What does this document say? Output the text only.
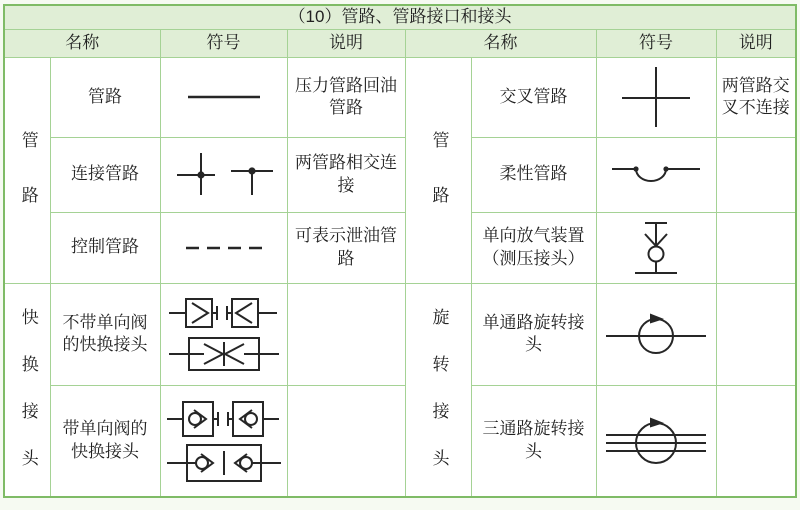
（10）管路、管路接口和接头							
名称		符号	说明	名称		符号	说明
管路	管路		压力管路回油管路	管路	交叉管路		两管路交叉不连接
	连接管路		两管路相交连接		柔性管路	

	控制管路		可表示泄油管路		单向放气装置（测压接头）	

快换接头	不带单向阀的快换接头			旋转接头	单通路旋转接头	

	带单向阀的快换接头				三通路旋转接头	
